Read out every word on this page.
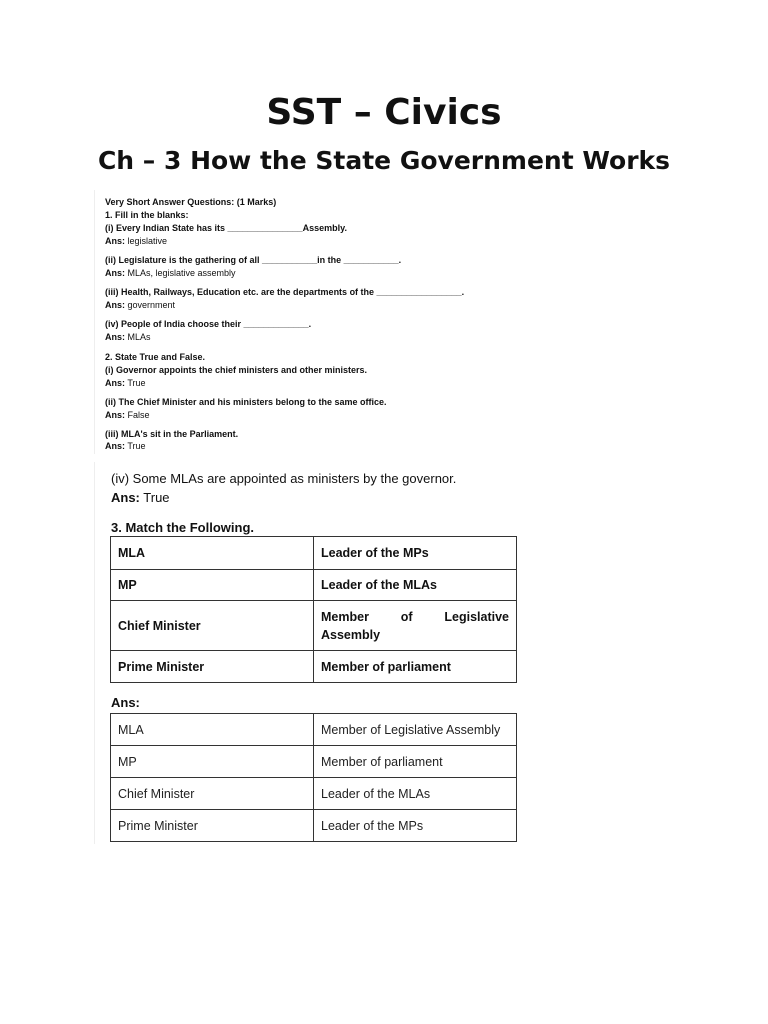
SST – Civics
Ch – 3 How the State Government Works
Very Short Answer Questions: (1 Marks)
1. Fill in the blanks:
(i) Every Indian State has its _______________Assembly.
Ans: legislative
(ii) Legislature is the gathering of all ___________in the ___________.
Ans: MLAs, legislative assembly
(iii) Health, Railways, Education etc. are the departments of the _________________.
Ans: government
(iv) People of India choose their _____________.
Ans: MLAs
2. State True and False.
(i) Governor appoints the chief ministers and other ministers.
Ans: True
(ii) The Chief Minister and his ministers belong to the same office.
Ans: False
(iii) MLA's sit in the Parliament.
Ans: True
(iv) Some MLAs are appointed as ministers by the governor.
Ans: True
3. Match the Following.
Ans:
MLA	Leader of the MPs
MP	Leader of the MLAs
Chief Minister	Member of Legislative Assembly
Prime Minister	Member of parliament
MLA	Member of Legislative Assembly
MP	Member of parliament
Chief Minister	Leader of the MLAs
Prime Minister	Leader of the MPs
